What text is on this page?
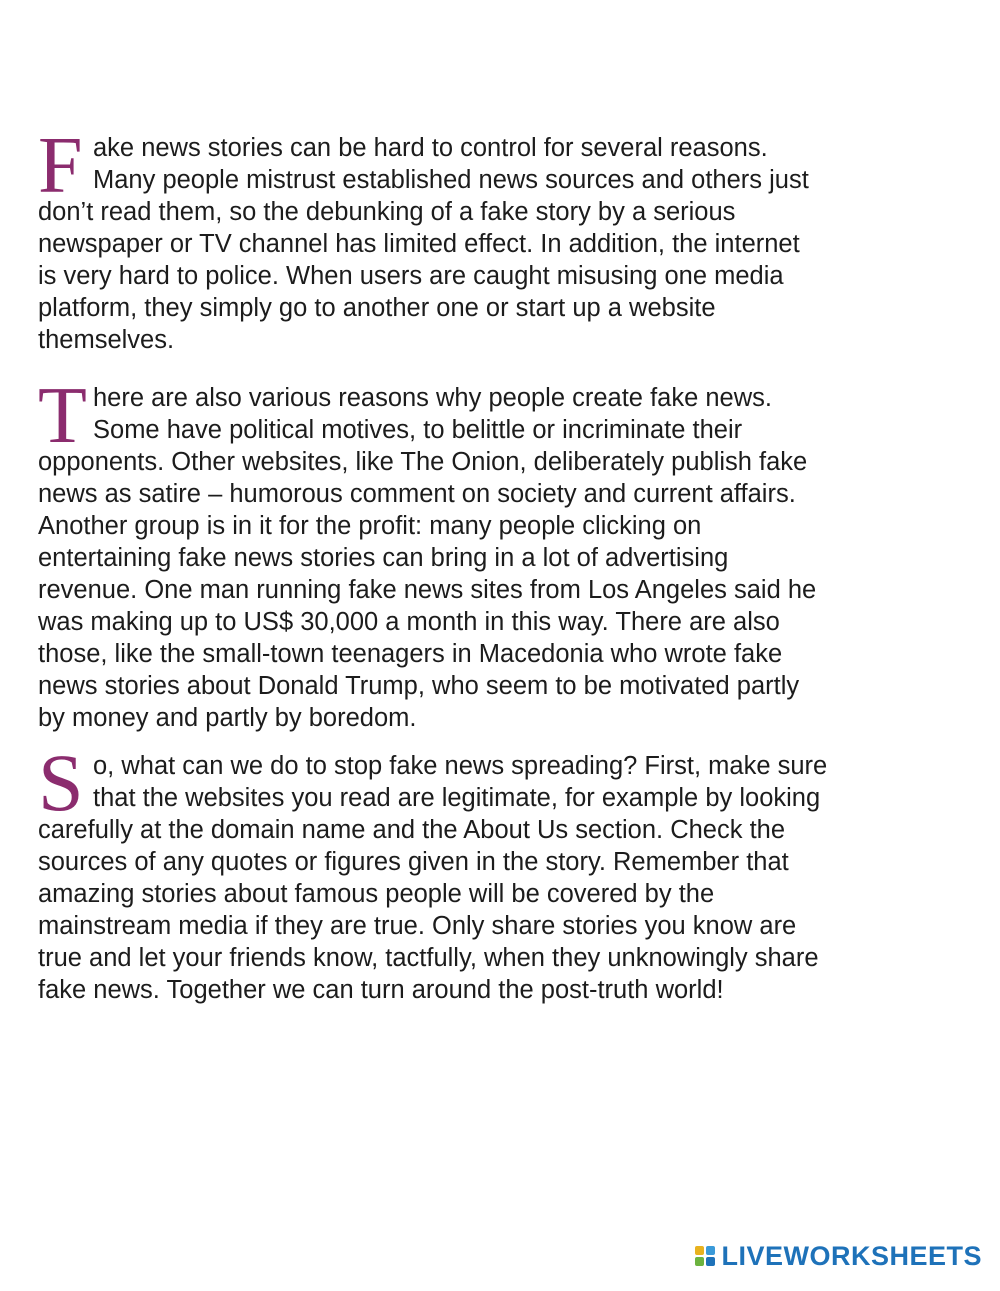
F ake news stories can be hard to control for several reasons.
Many people mistrust established news sources and others just
don’t read them, so the debunking of a fake story by a serious
newspaper or TV channel has limited effect. In addition, the internet
is very hard to police. When users are caught misusing one media
platform, they simply go to another one or start up a website
themselves.
T here are also various reasons why people create fake news.
Some have political motives, to belittle or incriminate their
opponents. Other websites, like The Onion, deliberately publish fake
news as satire – humorous comment on society and current affairs.
Another group is in it for the profit: many people clicking on
entertaining fake news stories can bring in a lot of advertising
revenue. One man running fake news sites from Los Angeles said he
was making up to US$ 30,000 a month in this way. There are also
those, like the small-town teenagers in Macedonia who wrote fake
news stories about Donald Trump, who seem to be motivated partly
by money and partly by boredom.
S o, what can we do to stop fake news spreading? First, make sure
that the websites you read are legitimate, for example by looking
carefully at the domain name and the About Us section. Check the
sources of any quotes or figures given in the story. Remember that
amazing stories about famous people will be covered by the
mainstream media if they are true. Only share stories you know are
true and let your friends know, tactfully, when they unknowingly share
fake news. Together we can turn around the post-truth world!
LIVEWORKSHEETS
